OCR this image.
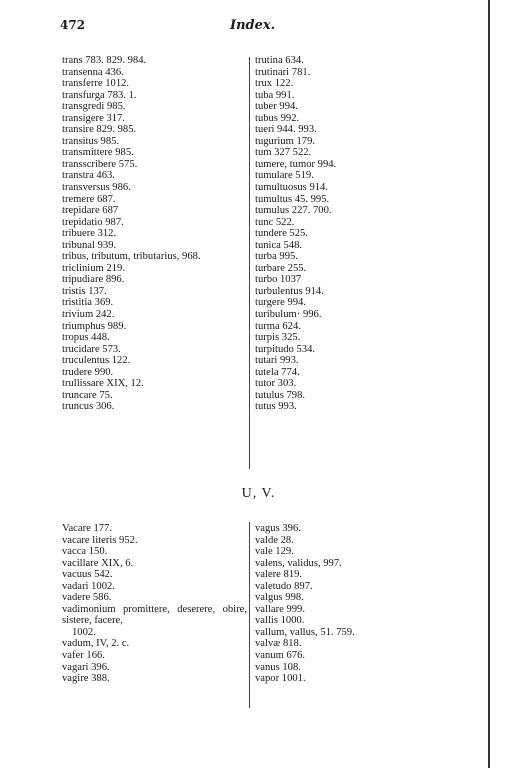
472	Index.
trans 783. 829. 984.
transenna 436.
transferre 1012.
transfurga 783. 1.
transgredi 985.
transigere 317.
transire 829. 985.
transitus 985.
transmittere 985.
transscribere 575.
transtra 463.
transversus 986.
tremere 687.
trepidare 687
trepidatio 987.
tribuere 312.
tribunal 939.
tribus, tributum, tributarius, 968.
triclinium 219.
tripudiare 896.
tristis 137.
tristitia 369.
trivium 242.
triumphus 989.
tropus 448.
trucidare 573.
truculentus 122.
trudere 990.
trullissare XIX, 12.
truncare 75.
truncus 306.
trutina 634.
trutinari 781.
trux 122.
tuba 991.
tuber 994.
tubus 992.
tueri 944. 993.
tugurium 179.
tum 327 522.
tumere, tumor 994.
tumulare 519.
tumultuosus 914.
tumultus 45. 995.
tumulus 227. 700.
tunc 522.
tundere 525.
tunica 548.
turba 995.
turbare 255.
turbo 1037
turbulentus 914.
turgere 994.
turibulum· 996.
turma 624.
turpis 325.
turpitudo 534.
tutari 993.
tutela 774.
tutor 303.
tutulus 798.
tutus 993.
U, V.
Vacare 177.
vacare literis 952.
vacca 150.
vacillare XIX, 6.
vacuus 542.
vadari 1002.
vadere 586.
vadimonium promittere, deserere, obire, sistere, facere,
1002.
vadum, IV, 2. c.
vafer 166.
vagari 396.
vagire 388.
vagus 396.
valde 28.
vale 129.
valens, validus, 997.
valere 819.
valetudo 897.
valgus 998.
vallare 999.
vallis 1000.
vallum, vallus, 51. 759.
valvæ 818.
vanum 676.
vanus 108.
vapor 1001.
